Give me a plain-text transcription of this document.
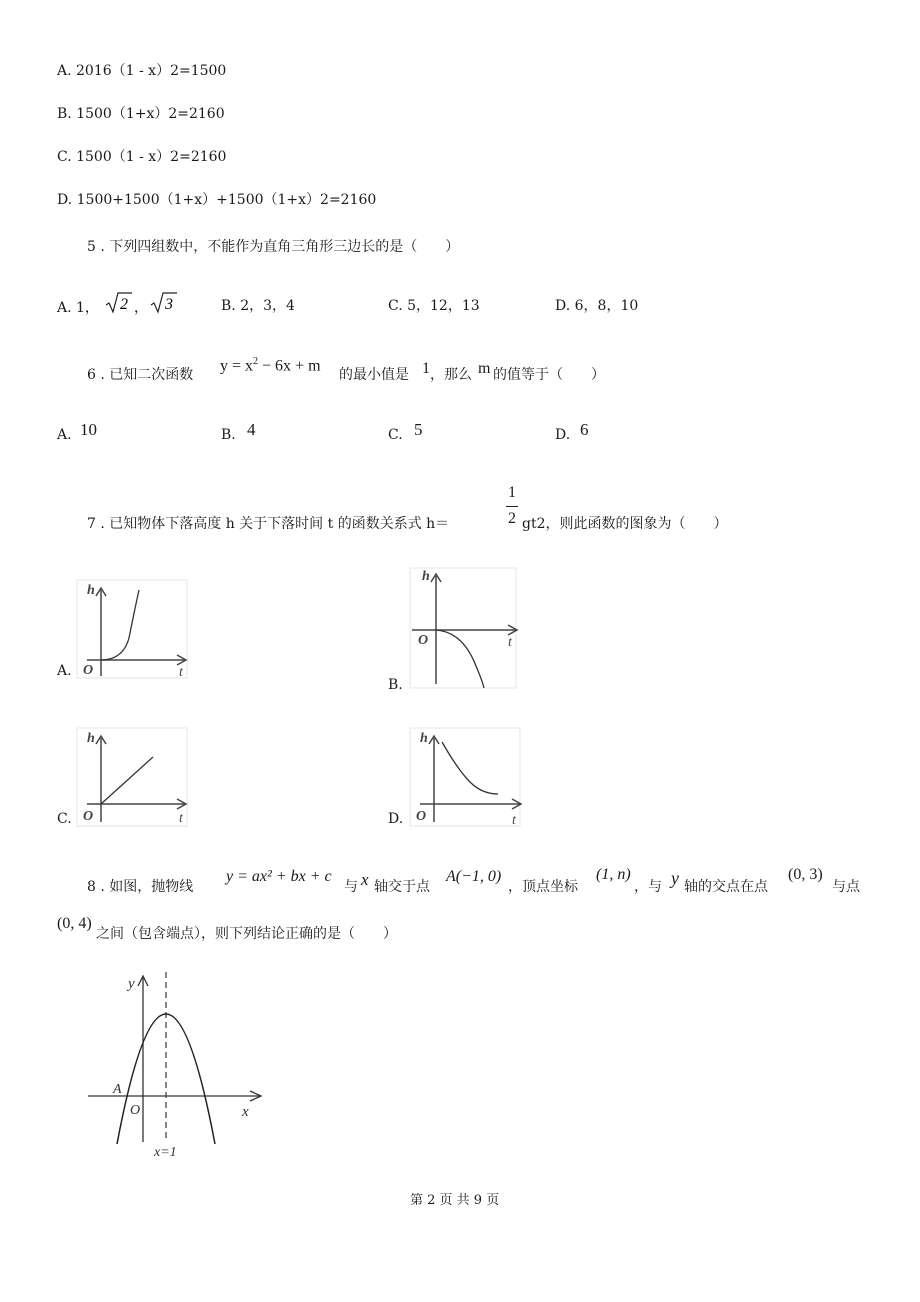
A. 2016（1 - x）2=1500
B. 1500（1+x）2=2160
C. 1500（1 - x）2=2160
D. 1500+1500（1+x）+1500（1+x）2=2160
5 . 下列四组数中，不能作为直角三角形三边长的是（　　）
A. 1， 2 ， 3	B. 2，3，4	C. 5，12，13	D. 6，8，10
6 . 已知二次函数
$y = x^2 - 6x + m$
的最小值是 1 ，那么 m 的值等于（　　）
A. 10	B. 4	C. 5	D. 6
7 . 已知物体下落高度 h 关于下落时间 t 的函数关系式 h＝
1
2 gt2，则此函数的图象为（　　）
h
O	t
A.
h
O	t
B.
h
O	t
C.
h
O	t
D.
8 . 如图，抛物线
y = ax² + bx + c
与 x 轴交于点
A(−1, 0)
，顶点坐标
(1, n)
，与 y 轴的交点在点
(0, 3)
与点
(0, 4)
之间（包含端点），则下列结论正确的是（　　）
y
x
O
A
x=1
第 2 页 共 9 页
